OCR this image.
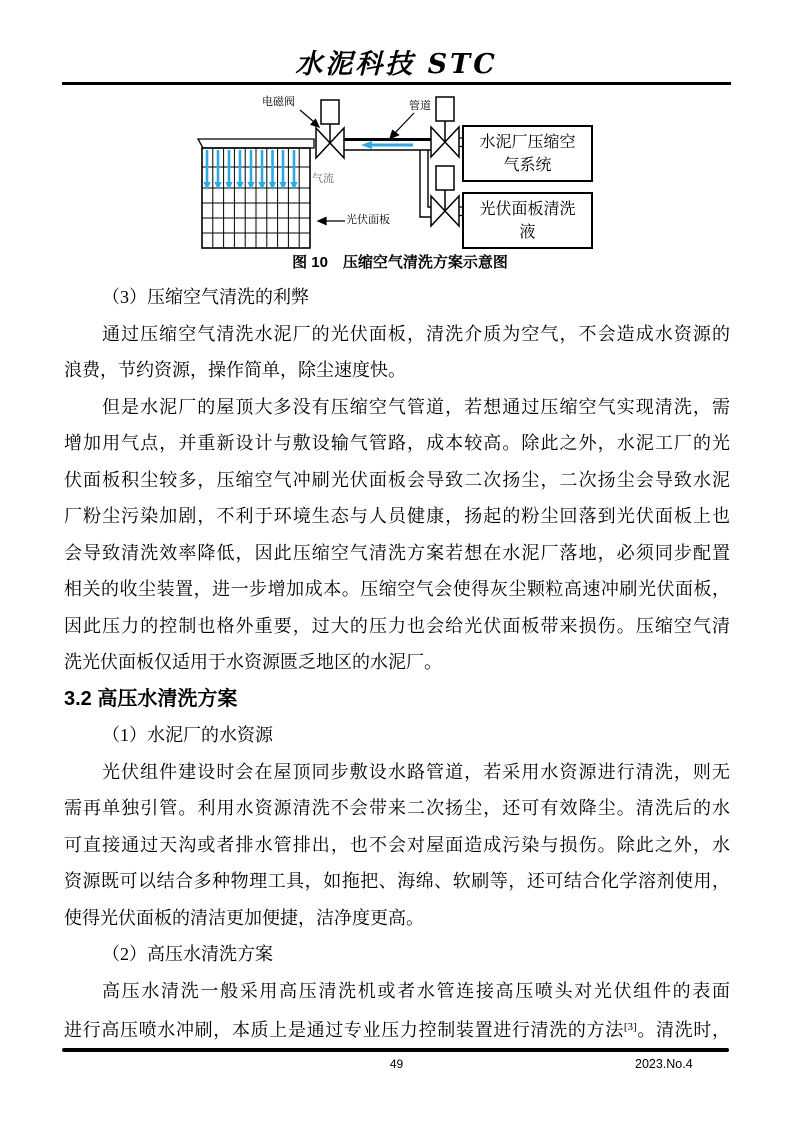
水泥科技 STC
电磁阀	管道
气流
光伏面板
水泥厂压缩空气系统
光伏面板清洗液
图 10　压缩空气清洗方案示意图
（3）压缩空气清洗的利弊
通过压缩空气清洗水泥厂的光伏面板，清洗介质为空气，不会造成水资源的
浪费，节约资源，操作简单，除尘速度快。
但是水泥厂的屋顶大多没有压缩空气管道，若想通过压缩空气实现清洗，需
增加用气点，并重新设计与敷设输气管路，成本较高。除此之外，水泥工厂的光
伏面板积尘较多，压缩空气冲刷光伏面板会导致二次扬尘，二次扬尘会导致水泥
厂粉尘污染加剧，不利于环境生态与人员健康，扬起的粉尘回落到光伏面板上也
会导致清洗效率降低，因此压缩空气清洗方案若想在水泥厂落地，必须同步配置
相关的收尘装置，进一步增加成本。压缩空气会使得灰尘颗粒高速冲刷光伏面板，
因此压力的控制也格外重要，过大的压力也会给光伏面板带来损伤。压缩空气清
洗光伏面板仅适用于水资源匮乏地区的水泥厂。
3.2 高压水清洗方案
（1）水泥厂的水资源
光伏组件建设时会在屋顶同步敷设水路管道，若采用水资源进行清洗，则无
需再单独引管。利用水资源清洗不会带来二次扬尘，还可有效降尘。清洗后的水
可直接通过天沟或者排水管排出，也不会对屋面造成污染与损伤。除此之外，水
资源既可以结合多种物理工具，如拖把、海绵、软刷等，还可结合化学溶剂使用，
使得光伏面板的清洁更加便捷，洁净度更高。
（2）高压水清洗方案
高压水清洗一般采用高压清洗机或者水管连接高压喷头对光伏组件的表面
进行高压喷水冲刷，本质上是通过专业压力控制装置进行清洗的方法[3]。清洗时，
49	2023.No.4
